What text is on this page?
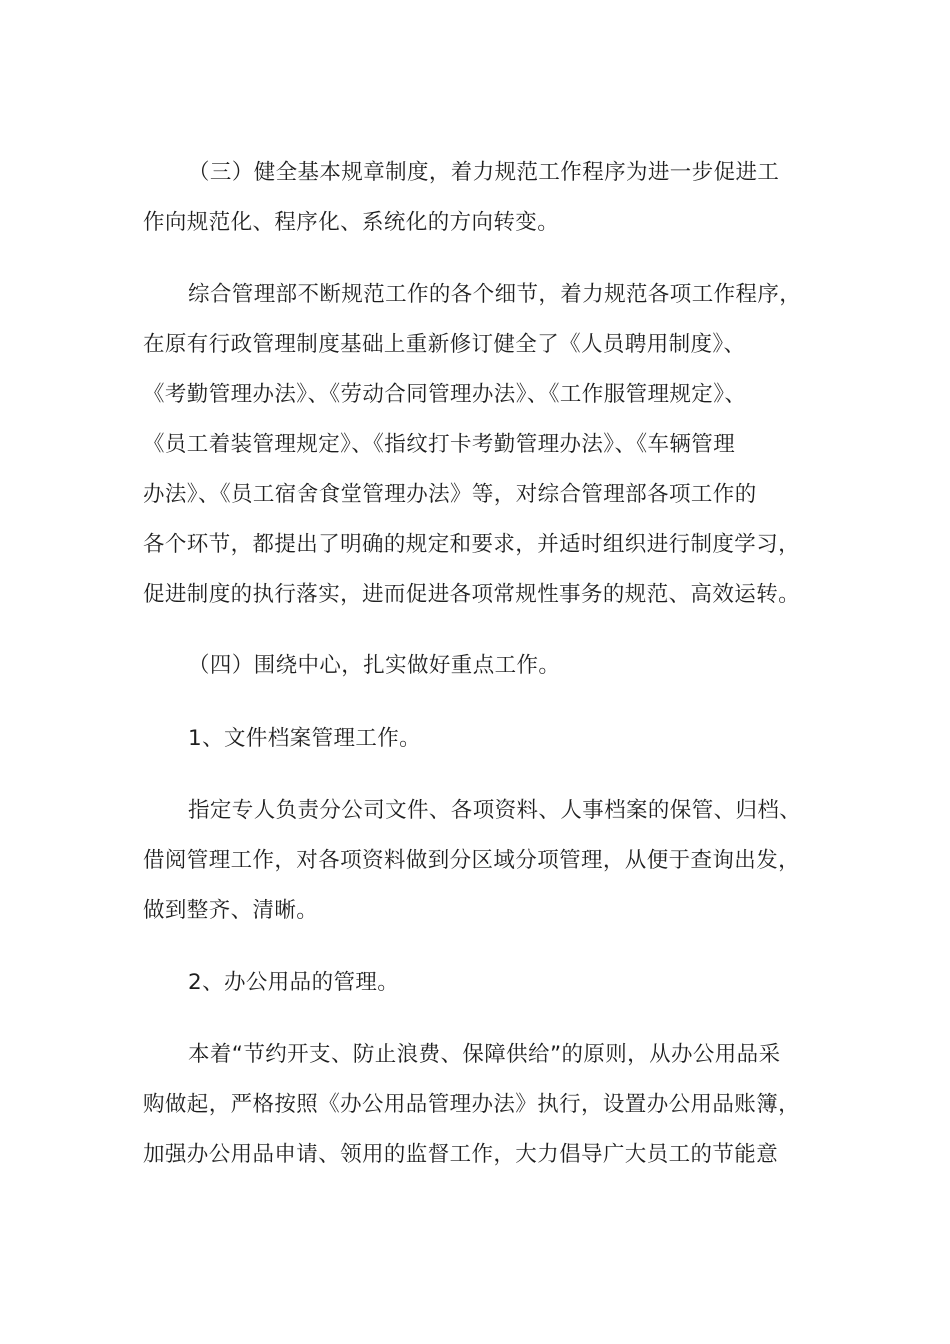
（三）健全基本规章制度，着力规范工作程序为进一步促进工
作向规范化、程序化、系统化的方向转变。
综合管理部不断规范工作的各个细节，着力规范各项工作程序，
在原有行政管理制度基础上重新修订健全了《人员聘用制度》、
《考勤管理办法》、《劳动合同管理办法》、《工作服管理规定》、
《员工着装管理规定》、《指纹打卡考勤管理办法》、《车辆管理
办法》、《员工宿舍食堂管理办法》等，对综合管理部各项工作的
各个环节，都提出了明确的规定和要求，并适时组织进行制度学习，
促进制度的执行落实，进而促进各项常规性事务的规范、高效运转。
（四）围绕中心，扎实做好重点工作。
1、文件档案管理工作。
指定专人负责分公司文件、各项资料、人事档案的保管、归档、
借阅管理工作，对各项资料做到分区域分项管理，从便于查询出发，
做到整齐、清晰。
2、办公用品的管理。
本着“节约开支、防止浪费、保障供给”的原则，从办公用品采
购做起，严格按照《办公用品管理办法》执行，设置办公用品账簿，
加强办公用品申请、领用的监督工作，大力倡导广大员工的节能意
